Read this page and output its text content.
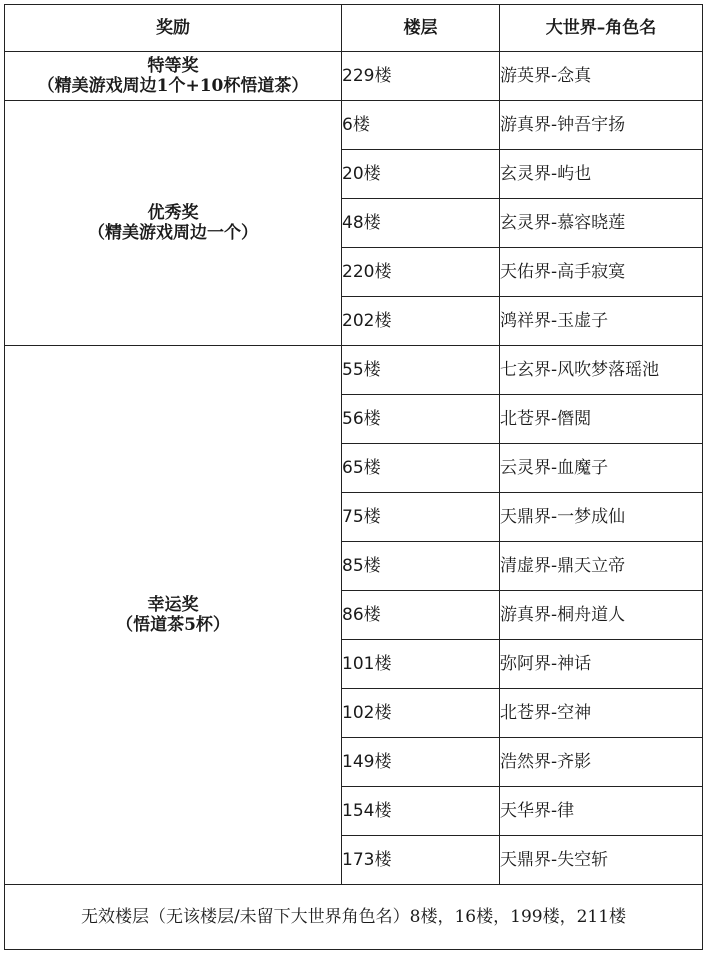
奖励	楼层	大世界–角色名

特等奖
（精美游戏周边1个+10杯悟道茶）	229楼	游英界-念真

优秀奖
（精美游戏周边一个）	6楼	游真界-钟吾宇扬
	20楼	玄灵界-屿也
	48楼	玄灵界-慕容晓莲
	220楼	天佑界-高手寂寞
	202楼	鸿祥界-玉虚子

幸运奖
（悟道茶5杯）	55楼	七玄界-风吹梦落瑶池
	56楼	北苍界-僭閲
	65楼	云灵界-血魔子
	75楼	天鼎界-一梦成仙
	85楼	清虚界-鼎天立帝
	86楼	游真界-桐舟道人
	101楼	弥阿界-神话
	102楼	北苍界-空神
	149楼	浩然界-齐影
	154楼	天华界-律
	173楼	天鼎界-失空斩
无效楼层（无该楼层/未留下大世界角色名）8楼，16楼，199楼，211楼
